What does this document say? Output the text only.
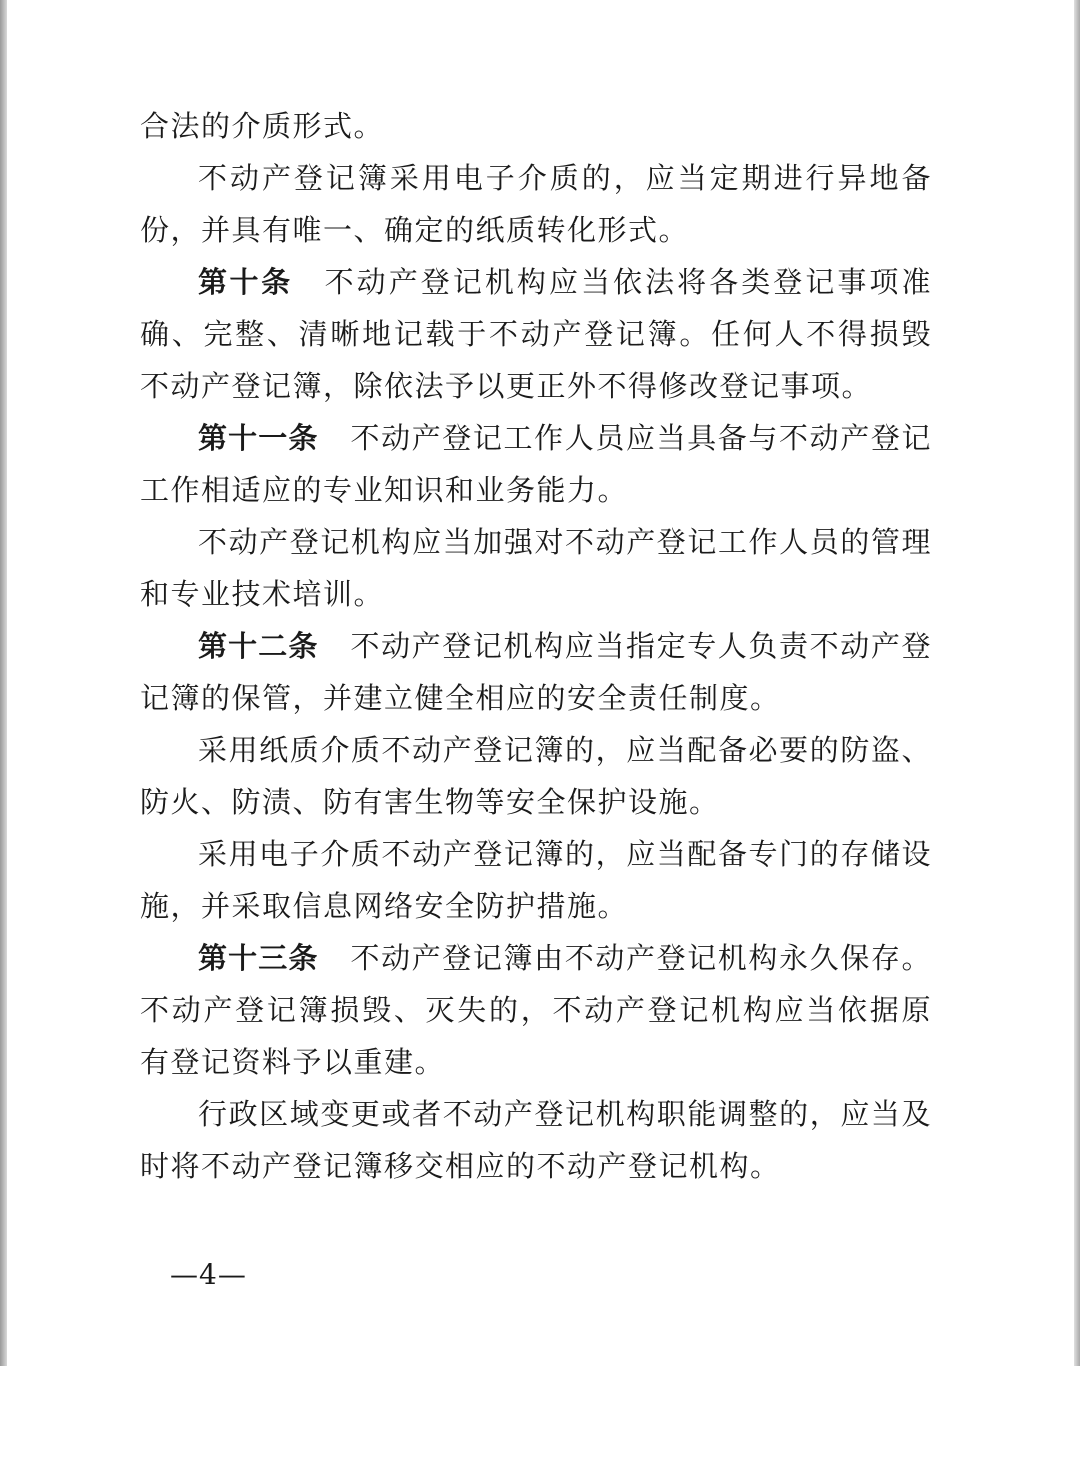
合法的介质形式。

不动产登记簿采用电子介质的，应当定期进行异地备份，并具有唯一、确定的纸质转化形式。

第十条 不动产登记机构应当依法将各类登记事项准确、完整、清晰地记载于不动产登记簿。任何人不得损毁不动产登记簿，除依法予以更正外不得修改登记事项。

第十一条 不动产登记工作人员应当具备与不动产登记工作相适应的专业知识和业务能力。

不动产登记机构应当加强对不动产登记工作人员的管理和专业技术培训。

第十二条 不动产登记机构应当指定专人负责不动产登记簿的保管，并建立健全相应的安全责任制度。

采用纸质介质不动产登记簿的，应当配备必要的防盗、防火、防渍、防有害生物等安全保护设施。

采用电子介质不动产登记簿的，应当配备专门的存储设施，并采取信息网络安全防护措施。

第十三条 不动产登记簿由不动产登记机构永久保存。不动产登记簿损毁、灭失的，不动产登记机构应当依据原有登记资料予以重建。

行政区域变更或者不动产登记机构职能调整的，应当及时将不动产登记簿移交相应的不动产登记机构。

—4—
